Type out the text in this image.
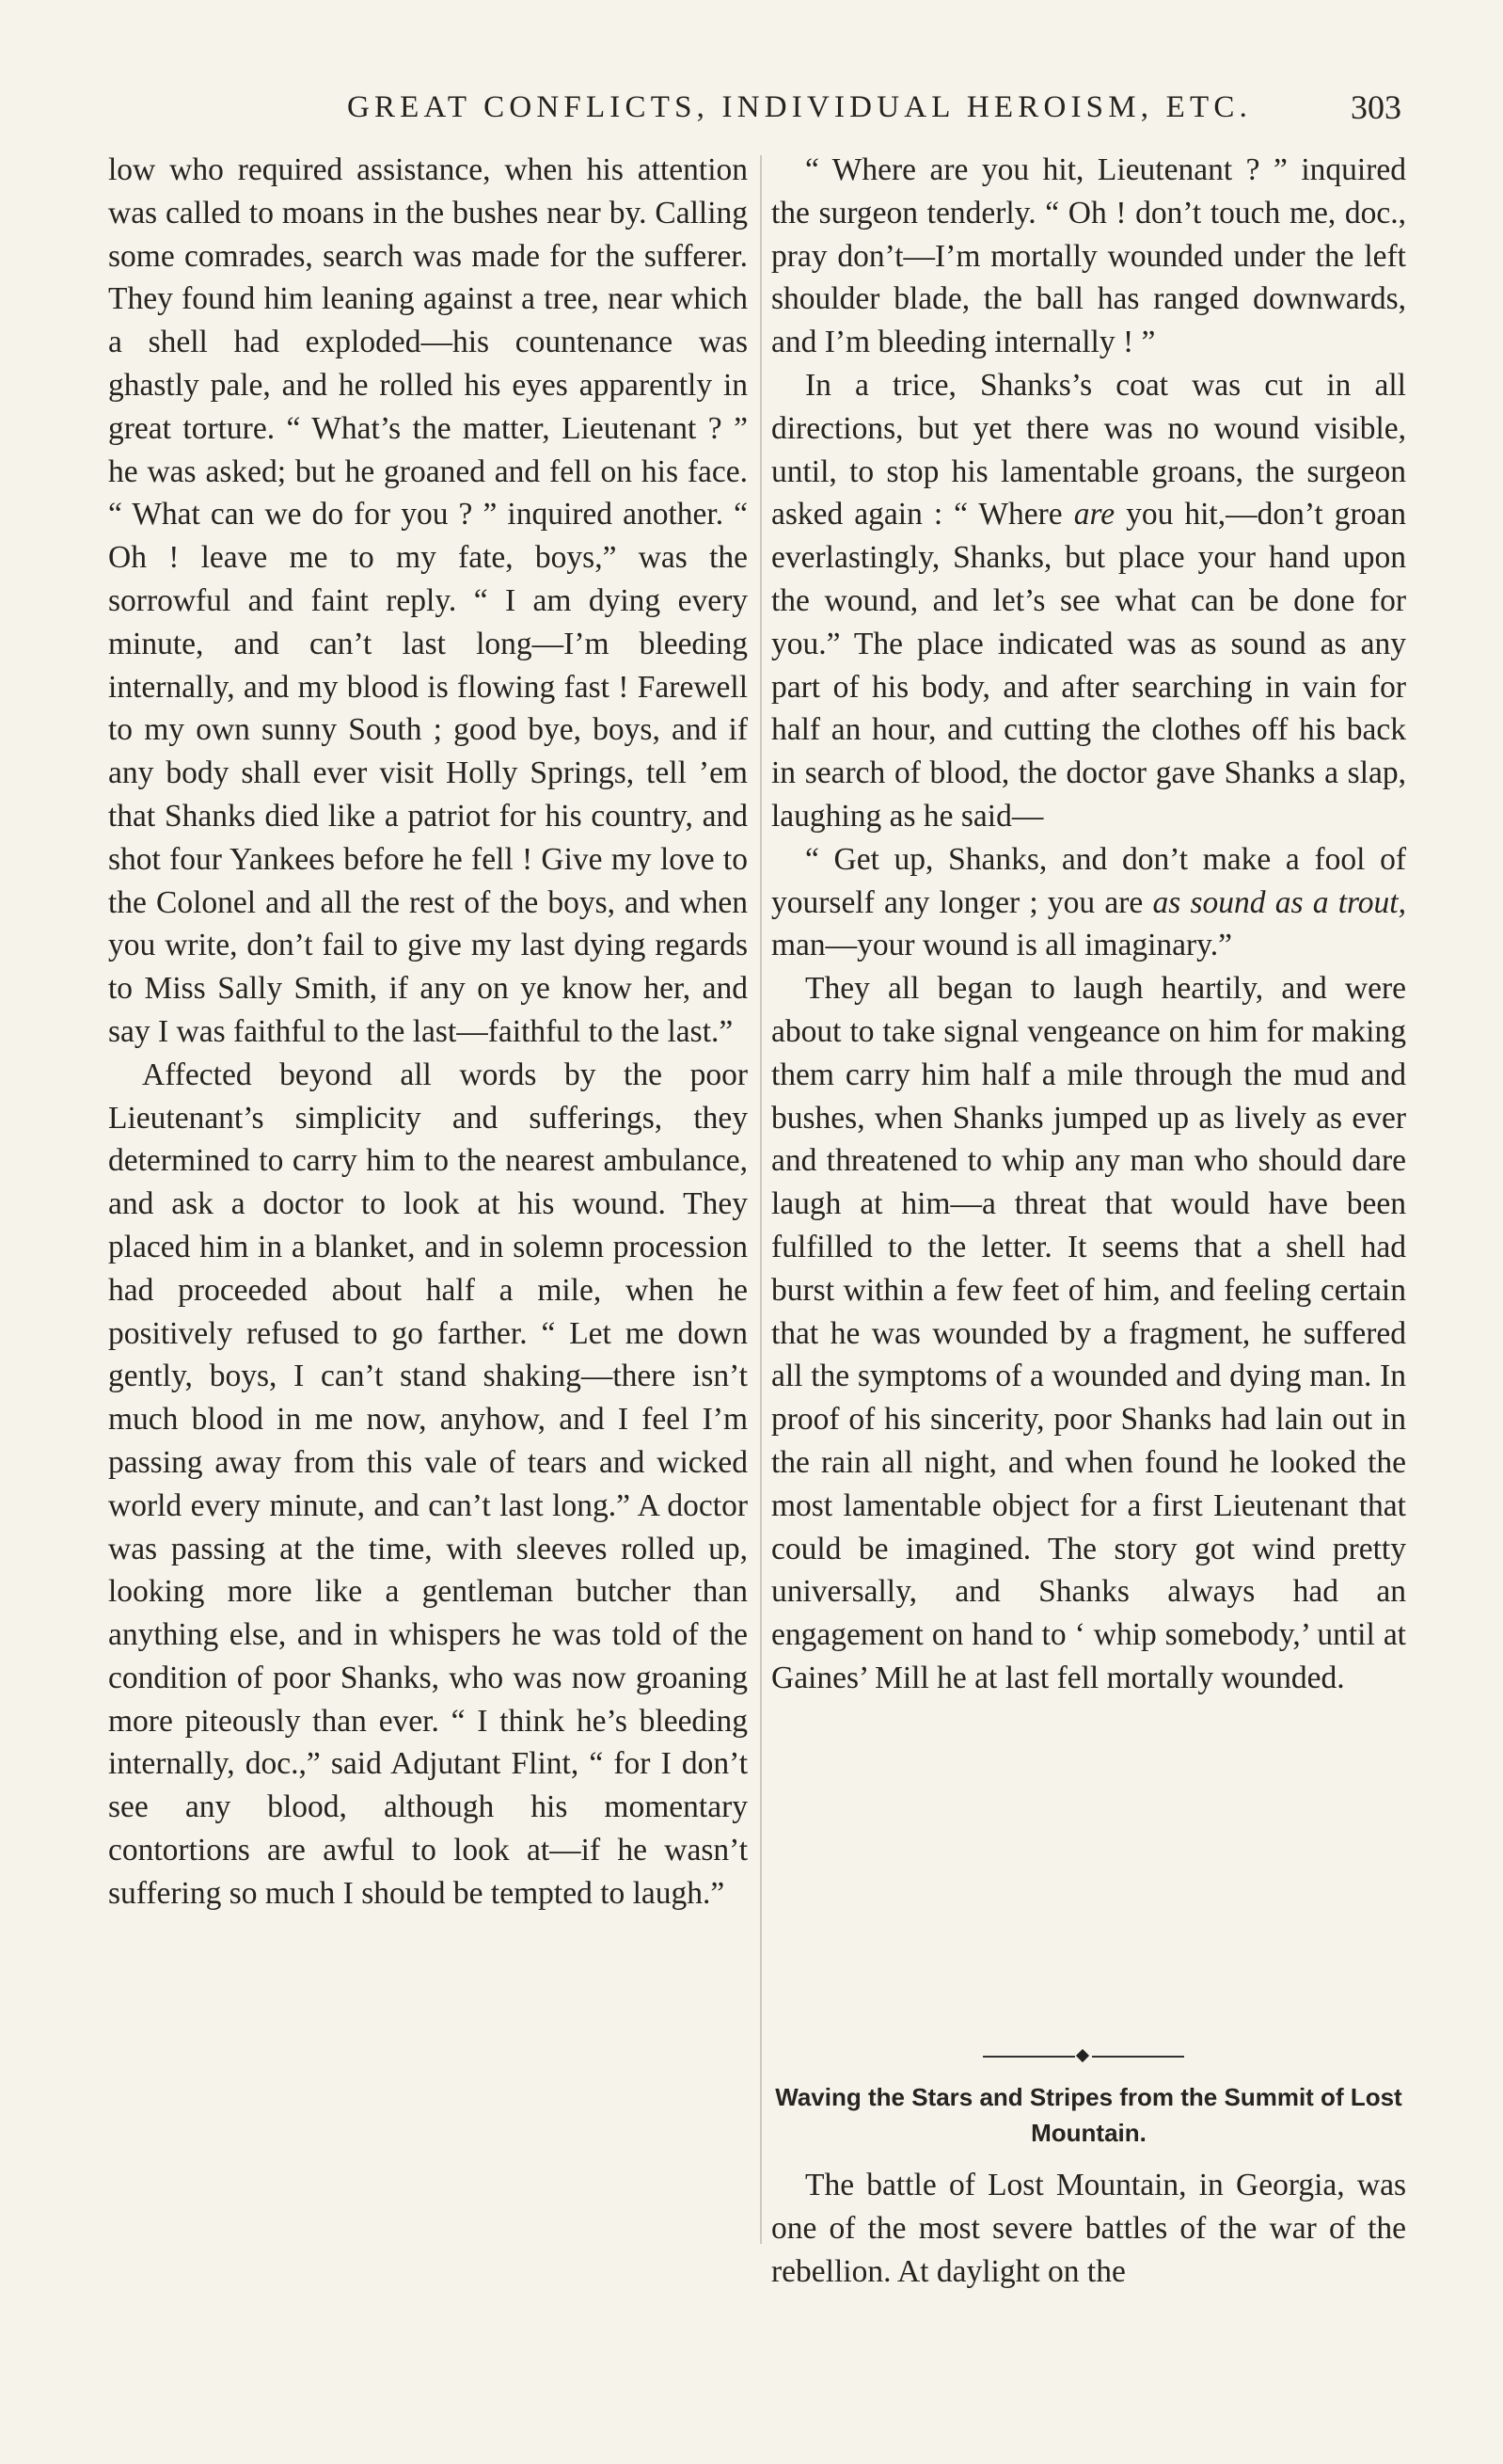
GREAT CONFLICTS, INDIVIDUAL HEROISM, ETC.	303

low who required assistance, when his attention was called to moans in the bushes near by. Calling some comrades, search was made for the sufferer. They found him leaning against a tree, near which a shell had exploded—his countenance was ghastly pale, and he rolled his eyes apparently in great torture. “ What’s the matter, Lieutenant ? ” he was asked; but he groaned and fell on his face. “ What can we do for you ? ” inquired another. “ Oh ! leave me to my fate, boys,” was the sorrowful and faint reply. “ I am dying every minute, and can’t last long—I’m bleeding internally, and my blood is flowing fast ! Farewell to my own sunny South ; good bye, boys, and if any body shall ever visit Holly Springs, tell ’em that Shanks died like a patriot for his country, and shot four Yankees before he fell ! Give my love to the Colonel and all the rest of the boys, and when you write, don’t fail to give my last dying regards to Miss Sally Smith, if any on ye know her, and say I was faithful to the last—faithful to the last.”

Affected beyond all words by the poor Lieutenant’s simplicity and sufferings, they determined to carry him to the nearest ambulance, and ask a doctor to look at his wound. They placed him in a blanket, and in solemn procession had proceeded about half a mile, when he positively refused to go farther. “ Let me down gently, boys, I can’t stand shaking—there isn’t much blood in me now, anyhow, and I feel I’m passing away from this vale of tears and wicked world every minute, and can’t last long.” A doctor was passing at the time, with sleeves rolled up, looking more like a gentleman butcher than anything else, and in whispers he was told of the condition of poor Shanks, who was now groaning more piteously than ever. “ I think he’s bleeding internally, doc.,” said Adjutant Flint, “ for I don’t see any blood, although his momentary contortions are awful to look at—if he wasn’t suffering so much I should be tempted to laugh.”

“ Where are you hit, Lieutenant ? ” inquired the surgeon tenderly. “ Oh ! don’t touch me, doc., pray don’t—I’m mortally wounded under the left shoulder blade, the ball has ranged downwards, and I’m bleeding internally ! ”

In a trice, Shanks’s coat was cut in all directions, but yet there was no wound visible, until, to stop his lamentable groans, the surgeon asked again : “ Where are you hit,—don’t groan everlastingly, Shanks, but place your hand upon the wound, and let’s see what can be done for you.” The place indicated was as sound as any part of his body, and after searching in vain for half an hour, and cutting the clothes off his back in search of blood, the doctor gave Shanks a slap, laughing as he said—

“ Get up, Shanks, and don’t make a fool of yourself any longer ; you are as sound as a trout, man—your wound is all imaginary.”

They all began to laugh heartily, and were about to take signal vengeance on him for making them carry him half a mile through the mud and bushes, when Shanks jumped up as lively as ever and threatened to whip any man who should dare laugh at him—a threat that would have been fulfilled to the letter. It seems that a shell had burst within a few feet of him, and feeling certain that he was wounded by a fragment, he suffered all the symptoms of a wounded and dying man. In proof of his sincerity, poor Shanks had lain out in the rain all night, and when found he looked the most lamentable object for a first Lieutenant that could be imagined. The story got wind pretty universally, and Shanks always had an engagement on hand to ‘ whip somebody,’ until at Gaines’ Mill he at last fell mortally wounded.

Waving the Stars and Stripes from the Summit of Lost Mountain.

The battle of Lost Mountain, in Georgia, was one of the most severe battles of the war of the rebellion. At daylight on the
